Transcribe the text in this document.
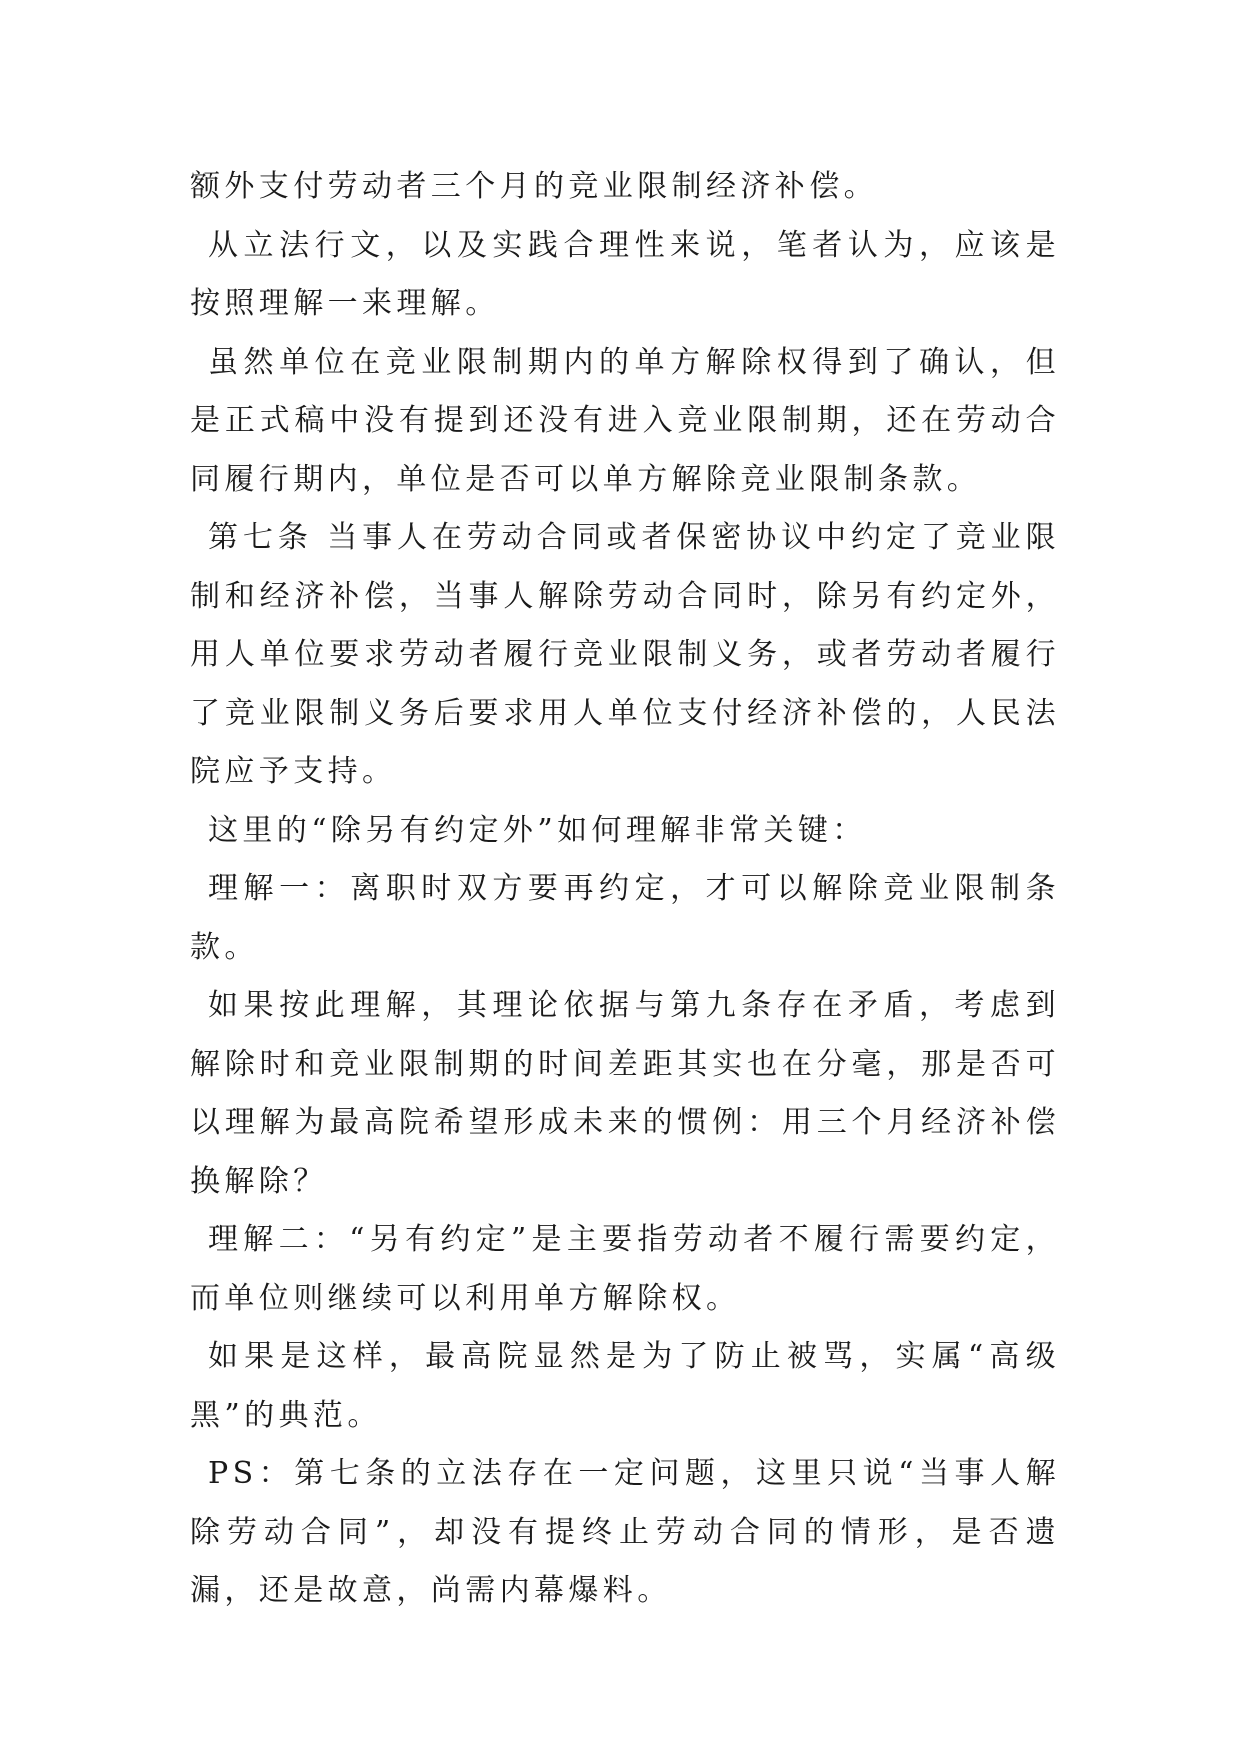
额外支付劳动者三个月的竞业限制经济补偿。

从立法行文，以及实践合理性来说，笔者认为，应该是按照理解一来理解。

虽然单位在竞业限制期内的单方解除权得到了确认，但是正式稿中没有提到还没有进入竞业限制期，还在劳动合同履行期内，单位是否可以单方解除竞业限制条款。

第七条 当事人在劳动合同或者保密协议中约定了竞业限制和经济补偿，当事人解除劳动合同时，除另有约定外，用人单位要求劳动者履行竞业限制义务，或者劳动者履行了竞业限制义务后要求用人单位支付经济补偿的，人民法院应予支持。

这里的“除另有约定外”如何理解非常关键：

理解一：离职时双方要再约定，才可以解除竞业限制条款。

如果按此理解，其理论依据与第九条存在矛盾，考虑到解除时和竞业限制期的时间差距其实也在分毫，那是否可以理解为最高院希望形成未来的惯例：用三个月经济补偿换解除？

理解二：“另有约定”是主要指劳动者不履行需要约定，而单位则继续可以利用单方解除权。

如果是这样，最高院显然是为了防止被骂，实属“高级黑”的典范。

PS：第七条的立法存在一定问题，这里只说“当事人解除劳动合同”，却没有提终止劳动合同的情形，是否遗漏，还是故意，尚需内幕爆料。
